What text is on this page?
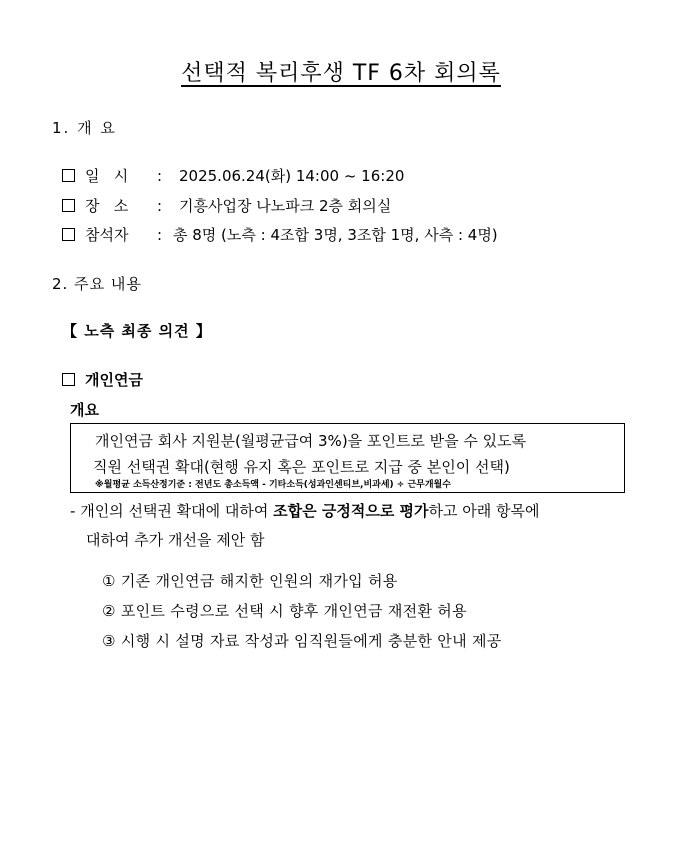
선택적 복리후생 TF 6차 회의록
1. 개 요
일   시 : 2025.06.24(화) 14:00 ~ 16:20
장   소 : 기흥사업장 나노파크 2층 회의실
참석자 : 총 8명 (노측 : 4조합 3명, 3조합 1명, 사측 : 4명)
2. 주요 내용
【 노측 최종 의견 】
개인연금
개요
개인연금 회사 지원분(월평균급여 3%)을 포인트로 받을 수 있도록
직원 선택권 확대(현행 유지 혹은 포인트로 지급 중 본인이 선택)
※월평균 소득산정기준 : 전년도 총소득액 - 기타소득(성과인센티브,비과세) ÷ 근무개월수
- 개인의 선택권 확대에 대하여 조합은 긍정적으로 평가하고 아래 항목에
대하여 추가 개선을 제안 함
① 기존 개인연금 해지한 인원의 재가입 허용
② 포인트 수령으로 선택 시 향후 개인연금 재전환 허용
③ 시행 시 설명 자료 작성과 임직원들에게 충분한 안내 제공
